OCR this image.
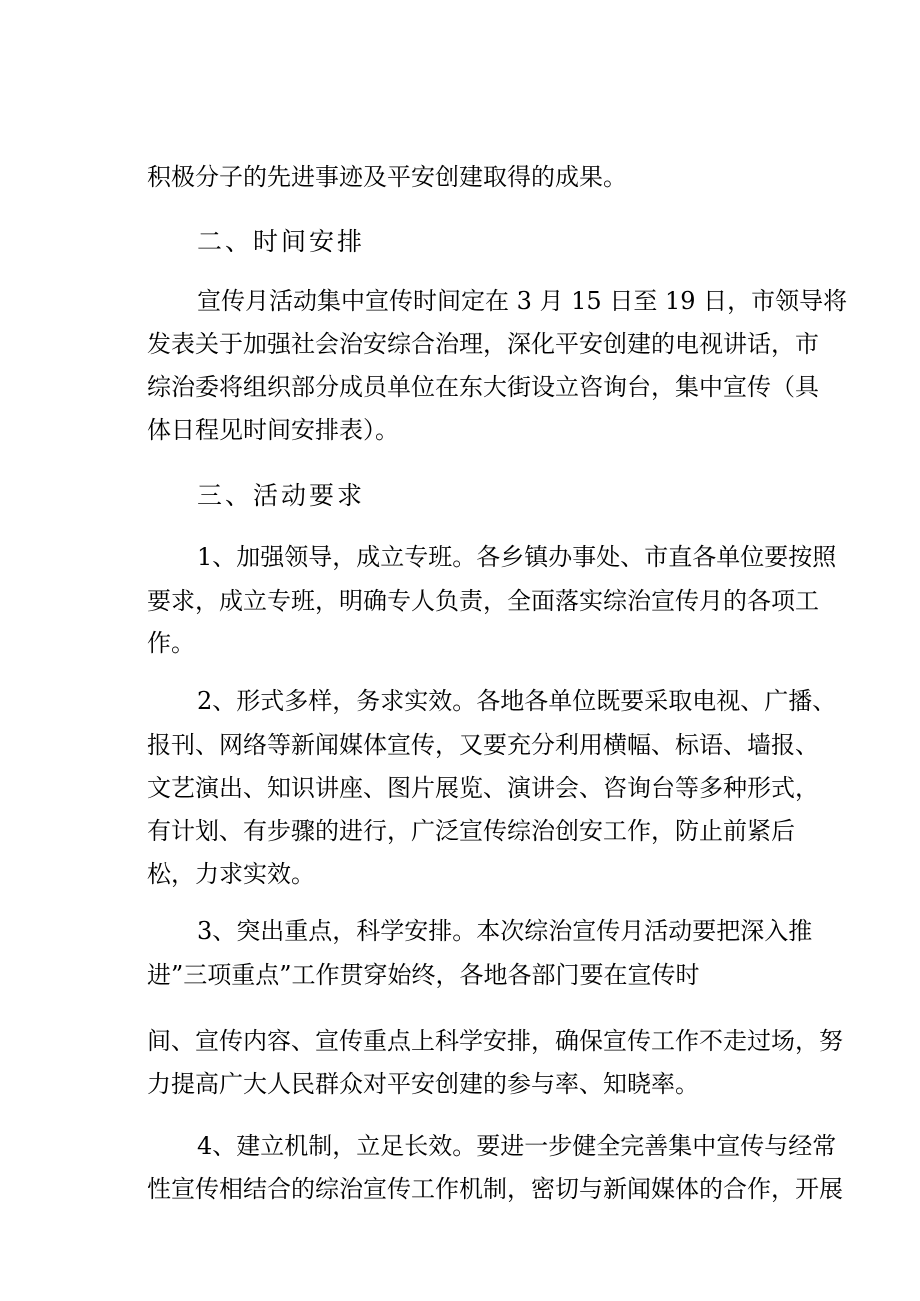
积极分子的先进事迹及平安创建取得的成果。
二、时间安排
宣传月活动集中宣传时间定在 3 月 15 日至 19 日，市领导将
发表关于加强社会治安综合治理，深化平安创建的电视讲话，市
综治委将组织部分成员单位在东大街设立咨询台，集中宣传（具
体日程见时间安排表）。
三、活动要求
1、加强领导，成立专班。各乡镇办事处、市直各单位要按照
要求，成立专班，明确专人负责，全面落实综治宣传月的各项工
作。
2、形式多样，务求实效。各地各单位既要采取电视、广播、
报刊、网络等新闻媒体宣传，又要充分利用横幅、标语、墙报、
文艺演出、知识讲座、图片展览、演讲会、咨询台等多种形式，
有计划、有步骤的进行，广泛宣传综治创安工作，防止前紧后
松，力求实效。
3、突出重点，科学安排。本次综治宣传月活动要把深入推
进”三项重点”工作贯穿始终，各地各部门要在宣传时
间、宣传内容、宣传重点上科学安排，确保宣传工作不走过场，努
力提高广大人民群众对平安创建的参与率、知晓率。
4、建立机制，立足长效。要进一步健全完善集中宣传与经常
性宣传相结合的综治宣传工作机制，密切与新闻媒体的合作，开展
